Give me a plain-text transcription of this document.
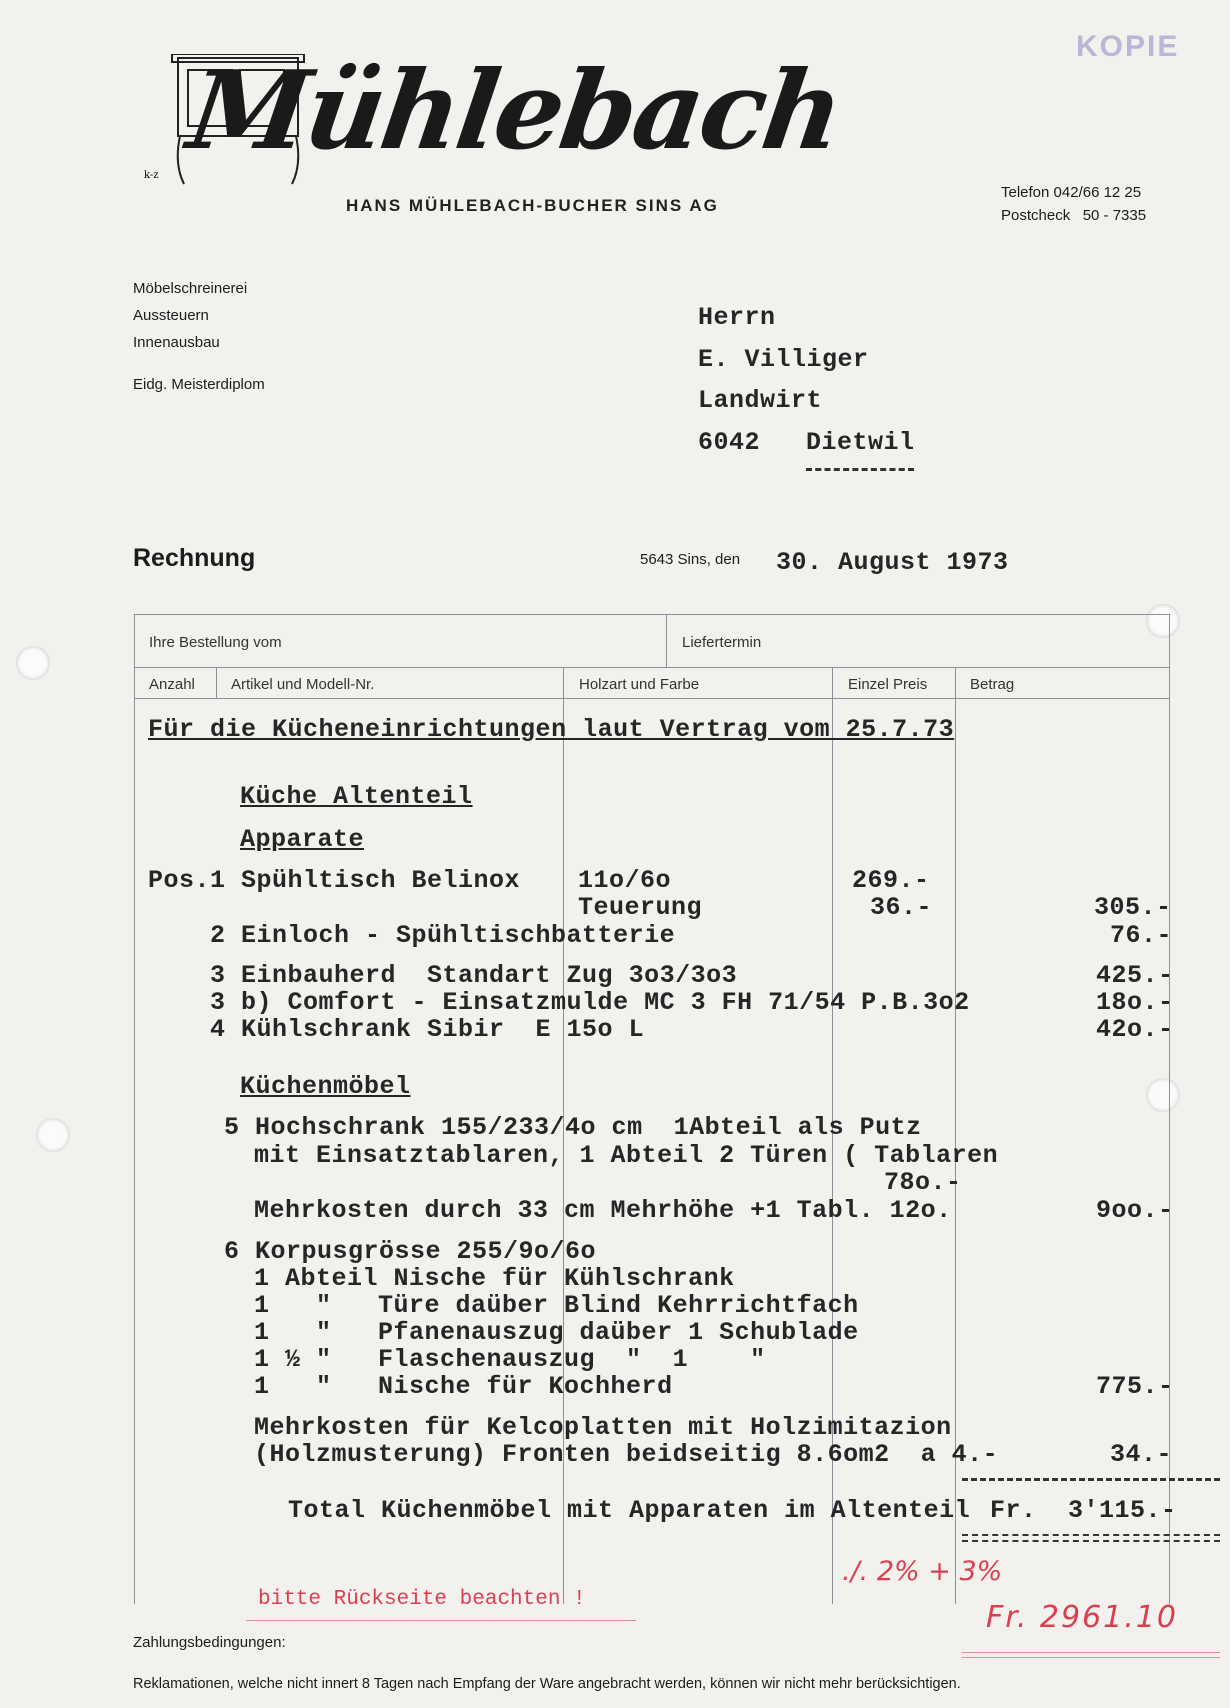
k-z
Mühlebach
HANS MÜHLEBACH-BUCHER SINS AG
Telefon 042/66 12 25
Postcheck   50 - 7335
KOPIE
Möbelschreinerei
Aussteuern
Innenausbau
Eidg. Meisterdiplom
Herrn
E. Villiger
Landwirt
6042 Dietwil
Rechnung	5643 Sins, den 30. August 1973
Ihre Bestellung vom	Liefertermin
Anzahl Artikel und Modell-Nr.	Holzart und Farbe	Einzel Preis	Betrag
Für die Kücheneinrichtungen laut Vertrag vom 25.7.73
Küche Altenteil
Apparate
Pos.1 Spühltisch Belinox 11o/6o	269.-
Teuerung	36.-	305.-
2 Einloch - Spühltischbatterie	76.-
3 Einbauherd  Standart Zug 3o3/3o3	425.-
3 b) Comfort - Einsatzmulde MC 3 FH 71/54 P.B.3o2	18o.-
4 Kühlschrank Sibir  E 15o L	42o.-
Küchenmöbel
5 Hochschrank 155/233/4o cm  1Abteil als Putz
mit Einsatztablaren, 1 Abteil 2 Türen ( Tablaren
78o.-
Mehrkosten durch 33 cm Mehrhöhe +1 Tabl. 12o.	9oo.-
6 Korpusgrösse 255/9o/6o
1 Abteil Nische für Kühlschrank
1   "   Türe daüber Blind Kehrrichtfach
1   "   Pfanenauszug daüber 1 Schublade
1 ½ "   Flaschenauszug  "  1    "
1   "   Nische für Kochherd	775.-
Mehrkosten für Kelcoplatten mit Holzimitazion
(Holzmusterung) Fronten beidseitig 8.6om2  a 4.-	34.-
Total Küchenmöbel mit Apparaten im Altenteil Fr. 3'115.-
./. 2% + 3%
Fr. 2961.10
bitte Rückseite beachten !
Zahlungsbedingungen:
Reklamationen, welche nicht innert 8 Tagen nach Empfang der Ware angebracht werden, können wir nicht mehr berücksichtigen.
